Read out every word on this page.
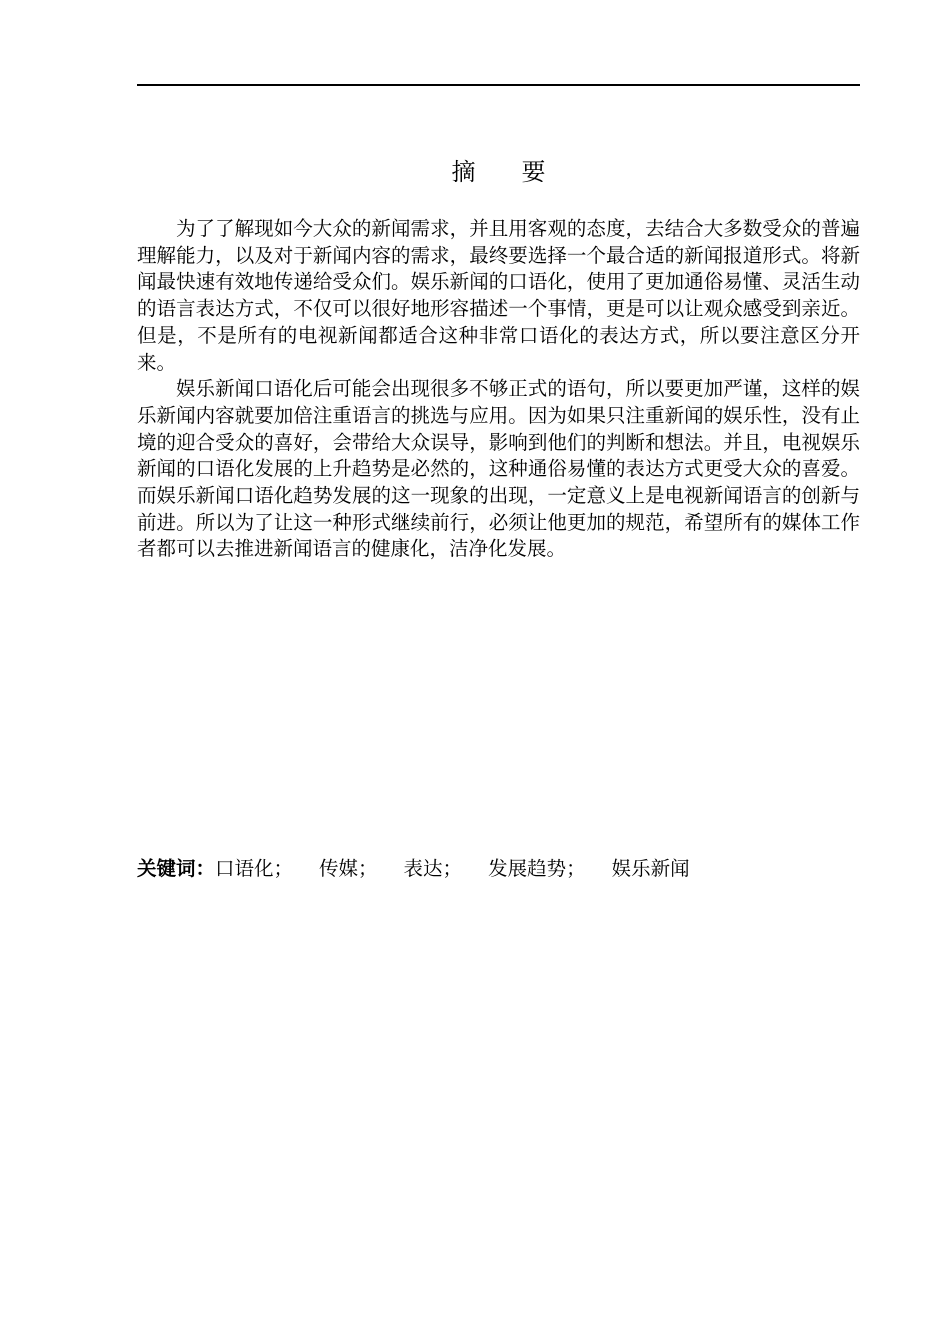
摘 要

为了了解现如今大众的新闻需求，并且用客观的态度，去结合大多数受众的普遍理解能力，以及对于新闻内容的需求，最终要选择一个最合适的新闻报道形式。将新闻最快速有效地传递给受众们。娱乐新闻的口语化，使用了更加通俗易懂、灵活生动的语言表达方式，不仅可以很好地形容描述一个事情，更是可以让观众感受到亲近。但是，不是所有的电视新闻都适合这种非常口语化的表达方式，所以要注意区分开来。

娱乐新闻口语化后可能会出现很多不够正式的语句，所以要更加严谨，这样的娱乐新闻内容就要加倍注重语言的挑选与应用。因为如果只注重新闻的娱乐性，没有止境的迎合受众的喜好，会带给大众误导，影响到他们的判断和想法。并且，电视娱乐新闻的口语化发展的上升趋势是必然的，这种通俗易懂的表达方式更受大众的喜爱。而娱乐新闻口语化趋势发展的这一现象的出现，一定意义上是电视新闻语言的创新与前进。所以为了让这一种形式继续前行，必须让他更加的规范，希望所有的媒体工作者都可以去推进新闻语言的健康化，洁净化发展。

关键词：口语化； 传媒； 表达； 发展趋势； 娱乐新闻
